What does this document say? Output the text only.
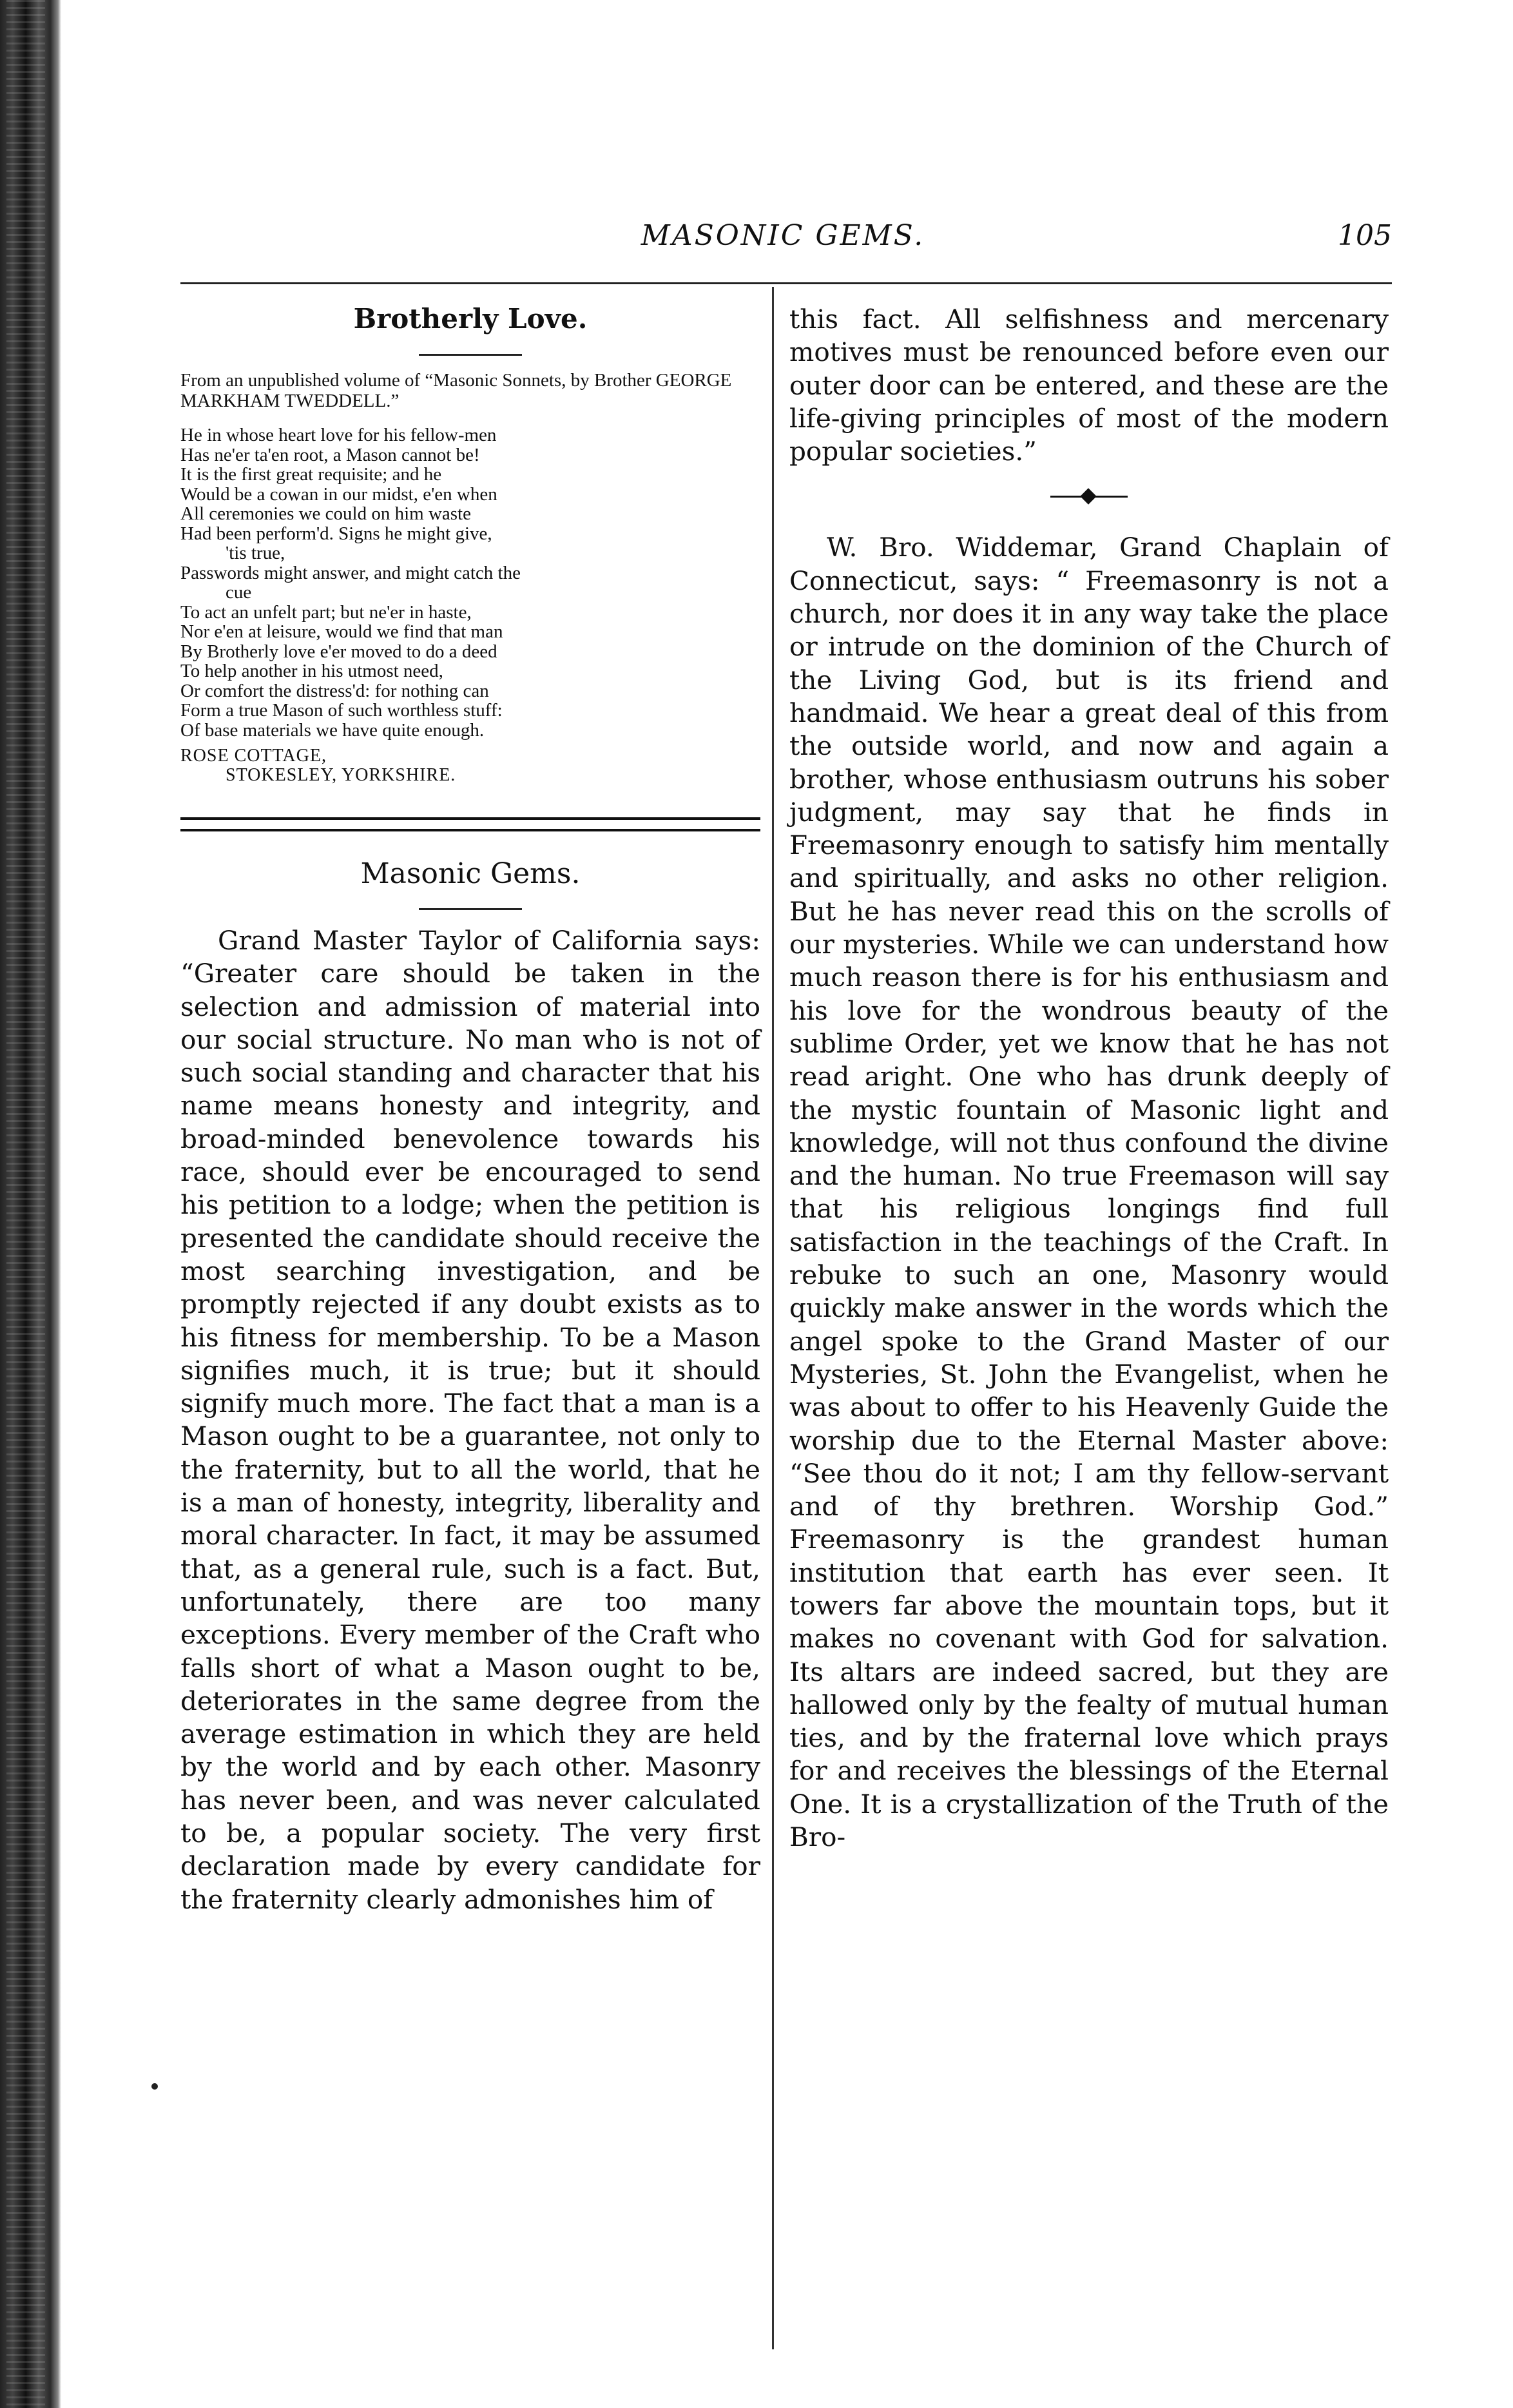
MASONIC GEMS.	105
Brotherly Love.
From an unpublished volume of “Masonic Sonnets, by Brother GEORGE MARKHAM TWEDDELL.”
He in whose heart love for his fellow-men
Has ne'er ta'en root, a Mason cannot be!
It is the first great requisite; and he
Would be a cowan in our midst, e'en when
All ceremonies we could on him waste
Had been perform'd. Signs he might give,
'tis true,
Passwords might answer, and might catch the
cue
To act an unfelt part; but ne'er in haste,
Nor e'en at leisure, would we find that man
By Brotherly love e'er moved to do a deed
To help another in his utmost need,
Or comfort the distress'd: for nothing can
Form a true Mason of such worthless stuff:
Of base materials we have quite enough.
ROSE COTTAGE,
STOKESLEY, YORKSHIRE.
Masonic Gems.

Grand Master Taylor of California says: “Greater care should be taken in the selection and admission of material into our social structure. No man who is not of such social standing and character that his name means honesty and integrity, and broad-minded benevolence towards his race, should ever be encouraged to send his petition to a lodge; when the petition is presented the candidate should receive the most searching investigation, and be promptly rejected if any doubt exists as to his fitness for membership. To be a Mason signifies much, it is true; but it should signify much more. The fact that a man is a Mason ought to be a guarantee, not only to the fraternity, but to all the world, that he is a man of honesty, integrity, liberality and moral character. In fact, it may be assumed that, as a general rule, such is a fact. But, unfortunately, there are too many exceptions. Every member of the Craft who falls short of what a Mason ought to be, deteriorates in the same degree from the average estimation in which they are held by the world and by each other. Masonry has never been, and was never calculated to be, a popular society. The very first declaration made by every candidate for the fraternity clearly admonishes him of

this fact. All selfishness and mercenary motives must be renounced before even our outer door can be entered, and these are the life-giving principles of most of the modern popular societies.”

W. Bro. Widdemar, Grand Chaplain of Connecticut, says: “ Freemasonry is not a church, nor does it in any way take the place or intrude on the dominion of the Church of the Living God, but is its friend and handmaid. We hear a great deal of this from the outside world, and now and again a brother, whose enthusiasm outruns his sober judgment, may say that he finds in Freemasonry enough to satisfy him mentally and spiritually, and asks no other religion. But he has never read this on the scrolls of our mysteries. While we can understand how much reason there is for his enthusiasm and his love for the wondrous beauty of the sublime Order, yet we know that he has not read aright. One who has drunk deeply of the mystic fountain of Masonic light and knowledge, will not thus confound the divine and the human. No true Freemason will say that his religious longings find full satisfaction in the teachings of the Craft. In rebuke to such an one, Masonry would quickly make answer in the words which the angel spoke to the Grand Master of our Mysteries, St. John the Evangelist, when he was about to offer to his Heavenly Guide the worship due to the Eternal Master above: “See thou do it not; I am thy fellow-servant and of thy brethren. Worship God.” Freemasonry is the grandest human institution that earth has ever seen. It towers far above the mountain tops, but it makes no covenant with God for salvation. Its altars are indeed sacred, but they are hallowed only by the fealty of mutual human ties, and by the fraternal love which prays for and receives the blessings of the Eternal One. It is a crystallization of the Truth of the Bro-
